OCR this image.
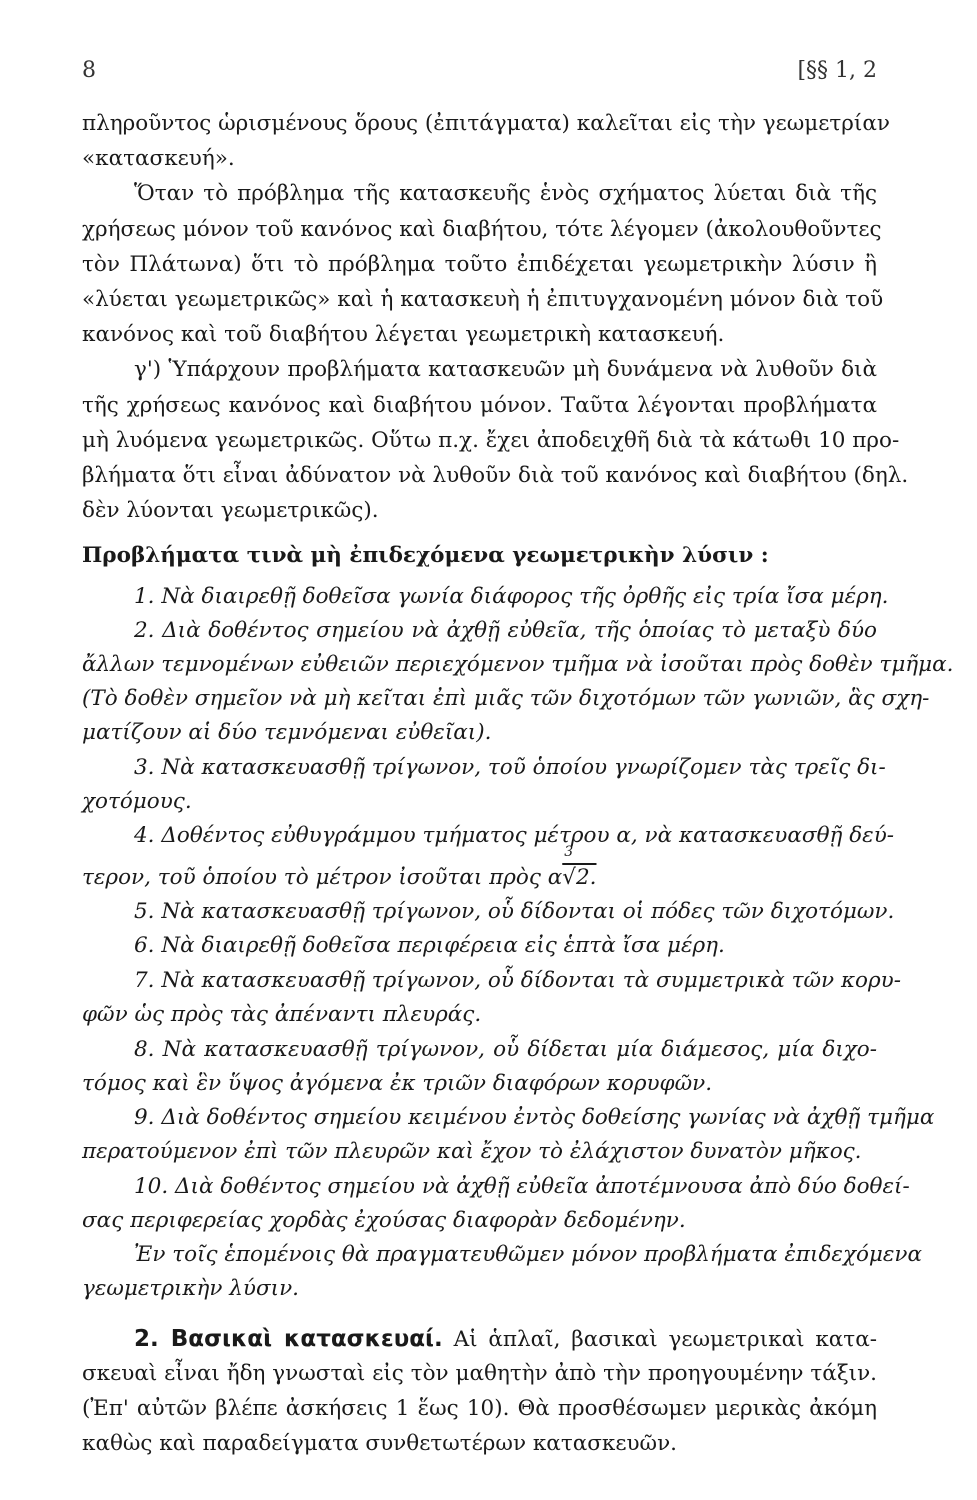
8	[§§ 1, 2
πληροῦντος ὡρισμένους ὅρους (ἐπιτάγματα) καλεῖται εἰς τὴν γεωμετρίαν
«κατασκευή».
Ὅταν τὸ πρόβλημα τῆς κατασκευῆς ἑνὸς σχήματος λύεται διὰ τῆς
χρήσεως μόνον τοῦ κανόνος καὶ διαβήτου, τότε λέγομεν (ἀκολουθοῦντες
τὸν Πλάτωνα) ὅτι τὸ πρόβλημα τοῦτο ἐπιδέχεται γεωμετρικὴν λύσιν ἢ
«λύεται γεωμετρικῶς» καὶ ἡ κατασκευὴ ἡ ἐπιτυγχανομένη μόνον διὰ τοῦ
κανόνος καὶ τοῦ διαβήτου λέγεται γεωμετρικὴ κατασκευή.
γ') Ὑπάρχουν προβλήματα κατασκευῶν μὴ δυνάμενα νὰ λυθοῦν διὰ
τῆς χρήσεως κανόνος καὶ διαβήτου μόνον. Ταῦτα λέγονται προβλήματα
μὴ λυόμενα γεωμετρικῶς. Οὕτω π.χ. ἔχει ἀποδειχθῆ διὰ τὰ κάτωθι 10 προ-
βλήματα ὅτι εἶναι ἀδύνατον νὰ λυθοῦν διὰ τοῦ κανόνος καὶ διαβήτου (δηλ.
δὲν λύονται γεωμετρικῶς).
Προβλήματα τινὰ μὴ ἐπιδεχόμενα γεωμετρικὴν λύσιν :
1. Νὰ διαιρεθῇ δοθεῖσα γωνία διάφορος τῆς ὀρθῆς εἰς τρία ἴσα μέρη.
2. Διὰ δοθέντος σημείου νὰ ἀχθῇ εὐθεῖα, τῆς ὁποίας τὸ μεταξὺ δύο
ἄλλων τεμνομένων εὐθειῶν περιεχόμενον τμῆμα νὰ ἰσοῦται πρὸς δοθὲν τμῆμα.
(Τὸ δοθὲν σημεῖον νὰ μὴ κεῖται ἐπὶ μιᾶς τῶν διχοτόμων τῶν γωνιῶν, ἃς σχη-
ματίζουν αἱ δύο τεμνόμεναι εὐθεῖαι).
3. Νὰ κατασκευασθῇ τρίγωνον, τοῦ ὁποίου γνωρίζομεν τὰς τρεῖς δι-
χοτόμους.
4. Δοθέντος εὐθυγράμμου τμήματος μέτρου α, νὰ κατασκευασθῇ δεύ-
τερον, τοῦ ὁποίου τὸ μέτρον ἰσοῦται πρὸς α
3
√2.
5. Νὰ κατασκευασθῇ τρίγωνον, οὗ δίδονται οἱ πόδες τῶν διχοτόμων.
6. Νὰ διαιρεθῇ δοθεῖσα περιφέρεια εἰς ἑπτὰ ἴσα μέρη.
7. Νὰ κατασκευασθῇ τρίγωνον, οὗ δίδονται τὰ συμμετρικὰ τῶν κορυ-
φῶν ὡς πρὸς τὰς ἀπέναντι πλευράς.
8. Νὰ κατασκευασθῇ τρίγωνον, οὗ δίδεται μία διάμεσος, μία διχο-
τόμος καὶ ἓν ὕψος ἀγόμενα ἐκ τριῶν διαφόρων κορυφῶν.
9. Διὰ δοθέντος σημείου κειμένου ἐντὸς δοθείσης γωνίας νὰ ἀχθῇ τμῆμα
περατούμενον ἐπὶ τῶν πλευρῶν καὶ ἔχον τὸ ἐλάχιστον δυνατὸν μῆκος.
10. Διὰ δοθέντος σημείου νὰ ἀχθῇ εὐθεῖα ἀποτέμνουσα ἀπὸ δύο δοθεί-
σας περιφερείας χορδὰς ἐχούσας διαφορὰν δεδομένην.
Ἐν τοῖς ἑπομένοις θὰ πραγματευθῶμεν μόνον προβλήματα ἐπιδεχόμενα
γεωμετρικὴν λύσιν.
2. Βασικαὶ κατασκευαί. Αἱ ἁπλαῖ, βασικαὶ γεωμετρικαὶ κατα-
σκευαὶ εἶναι ἤδη γνωσταὶ εἰς τὸν μαθητὴν ἀπὸ τὴν προηγουμένην τάξιν.
(Ἐπ' αὐτῶν βλέπε ἀσκήσεις 1 ἕως 10). Θὰ προσθέσωμεν μερικὰς ἀκόμη
καθὼς καὶ παραδείγματα συνθετωτέρων κατασκευῶν.
